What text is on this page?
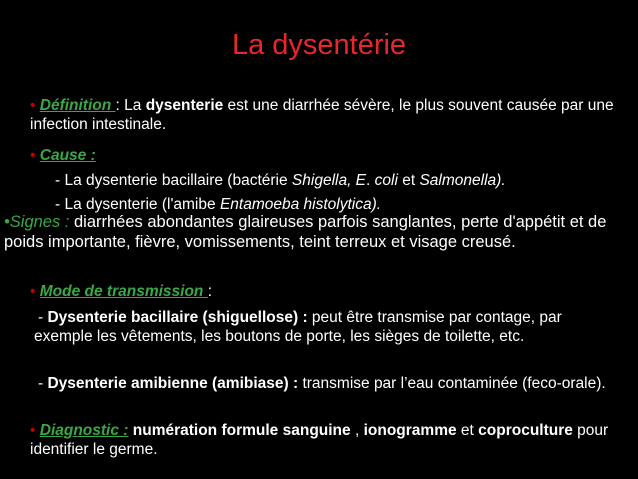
La dysentérie
• Définition : La dysenterie est une diarrhée sévère, le plus souvent causée par une infection intestinale.
• Cause :
- La dysenterie bacillaire (bactérie Shigella, E. coli et Salmonella).
- La dysenterie (l'amibe Entamoeba histolytica).
•Signes : diarrhées abondantes glaireuses parfois sanglantes, perte d'appétit et de poids importante, fièvre, vomissements, teint terreux et visage creusé.
• Mode de transmission :
- Dysenterie bacillaire (shiguellose) : peut être transmise par contage, par exemple les vêtements, les boutons de porte, les sièges de toilette, etc.
- Dysenterie amibienne (amibiase) : transmise par l’eau contaminée (feco-orale).
• Diagnostic : numération formule sanguine , ionogramme et coproculture pour identifier le germe.
